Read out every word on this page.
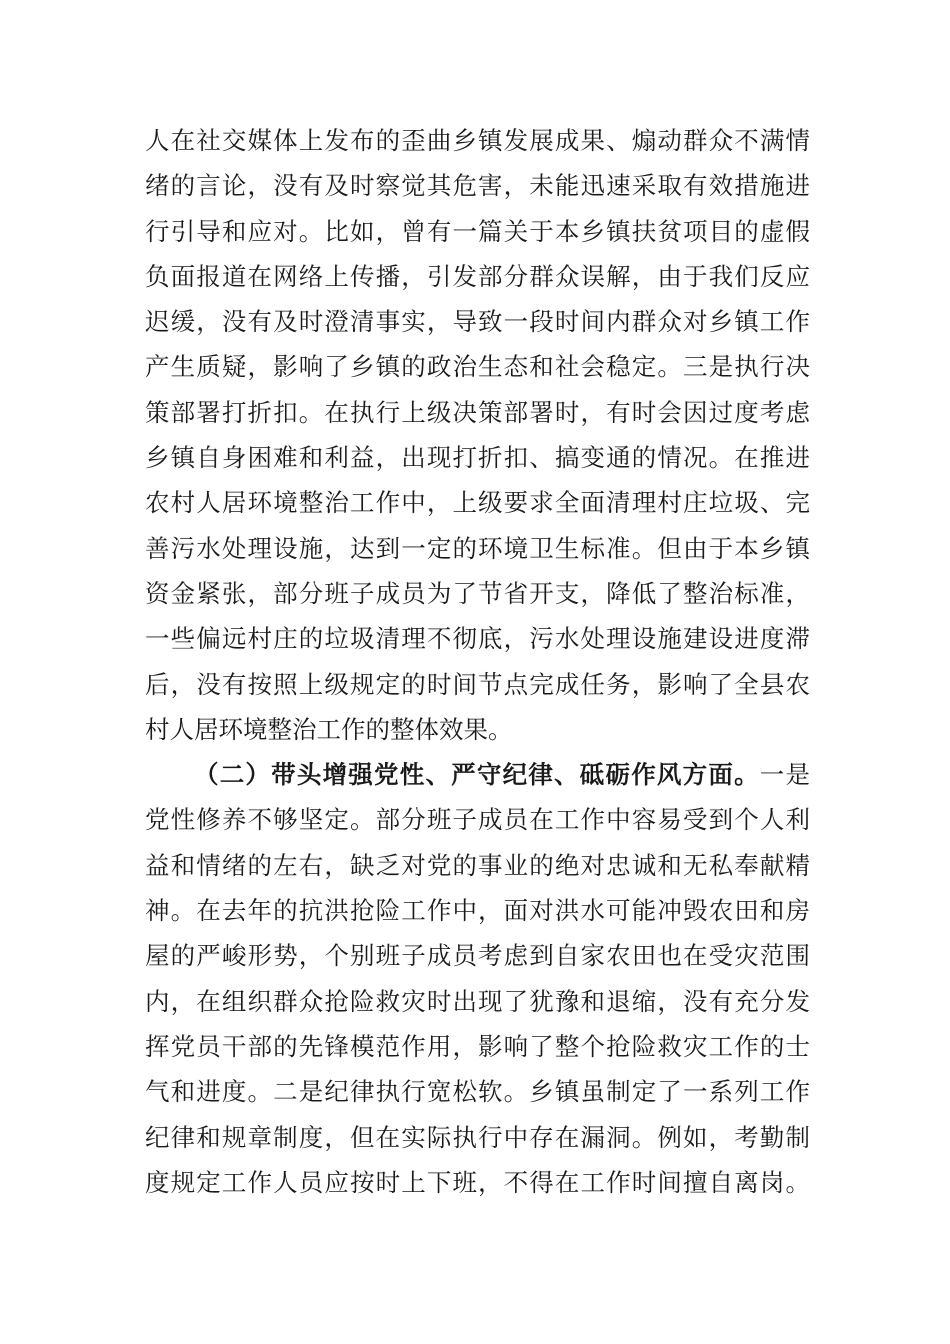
人在社交媒体上发布的歪曲乡镇发展成果、煽动群众不满情
绪的言论，没有及时察觉其危害，未能迅速采取有效措施进
行引导和应对。比如，曾有一篇关于本乡镇扶贫项目的虚假
负面报道在网络上传播，引发部分群众误解，由于我们反应
迟缓，没有及时澄清事实，导致一段时间内群众对乡镇工作
产生质疑，影响了乡镇的政治生态和社会稳定。三是执行决
策部署打折扣。在执行上级决策部署时，有时会因过度考虑
乡镇自身困难和利益，出现打折扣、搞变通的情况。在推进
农村人居环境整治工作中，上级要求全面清理村庄垃圾、完
善污水处理设施，达到一定的环境卫生标准。但由于本乡镇
资金紧张，部分班子成员为了节省开支，降低了整治标准，
一些偏远村庄的垃圾清理不彻底，污水处理设施建设进度滞
后，没有按照上级规定的时间节点完成任务，影响了全县农
村人居环境整治工作的整体效果。
（二）带头增强党性、严守纪律、砥砺作风方面。一是
党性修养不够坚定。部分班子成员在工作中容易受到个人利
益和情绪的左右，缺乏对党的事业的绝对忠诚和无私奉献精
神。在去年的抗洪抢险工作中，面对洪水可能冲毁农田和房
屋的严峻形势，个别班子成员考虑到自家农田也在受灾范围
内，在组织群众抢险救灾时出现了犹豫和退缩，没有充分发
挥党员干部的先锋模范作用，影响了整个抢险救灾工作的士
气和进度。二是纪律执行宽松软。乡镇虽制定了一系列工作
纪律和规章制度，但在实际执行中存在漏洞。例如，考勤制
度规定工作人员应按时上下班，不得在工作时间擅自离岗。
